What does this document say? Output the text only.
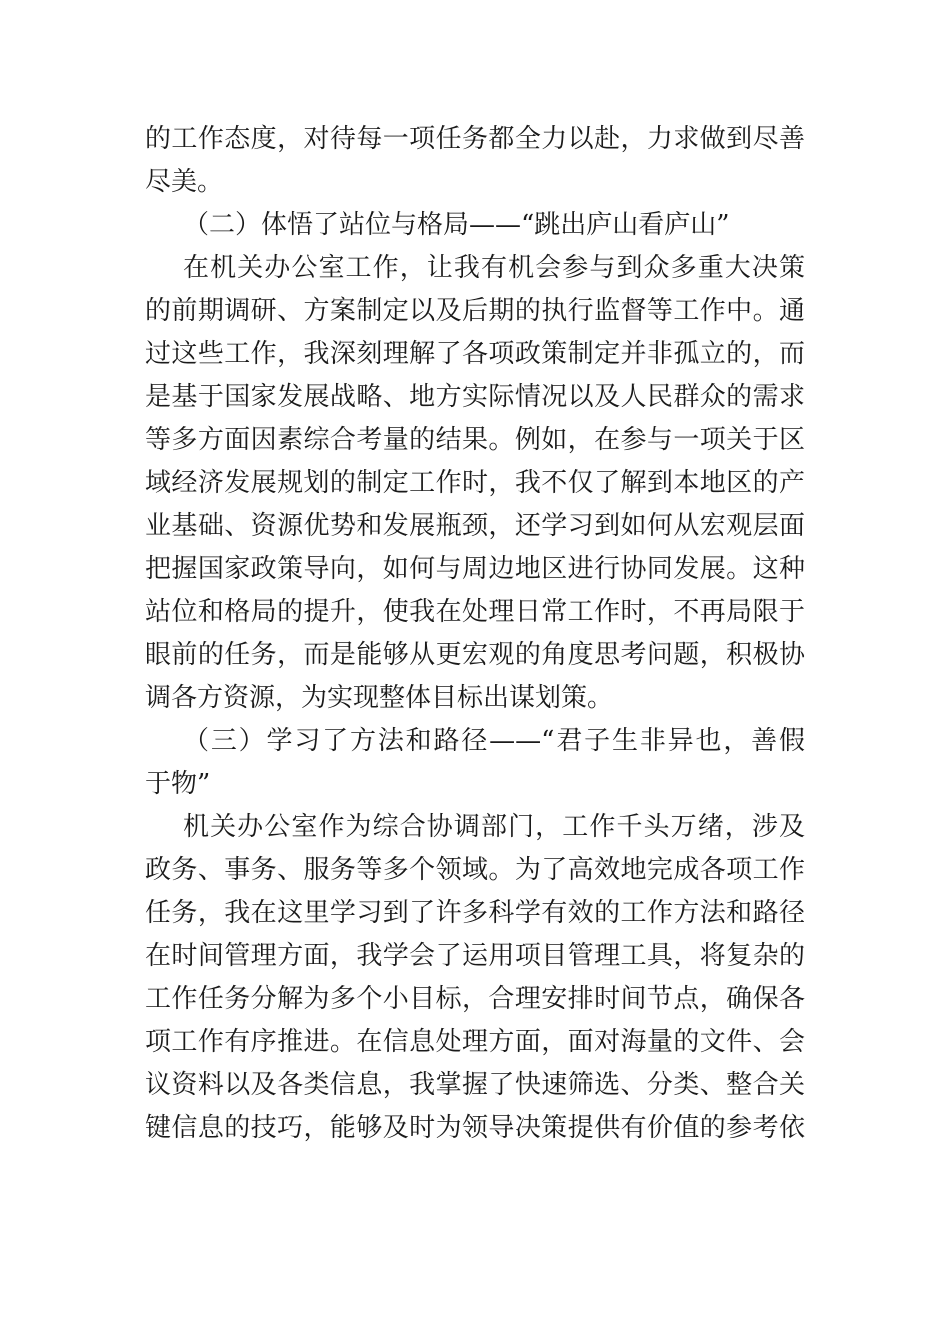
的工作态度，对待每一项任务都全力以赴，力求做到尽善
尽美。
（二）体悟了站位与格局——“跳出庐山看庐山”
在机关办公室工作，让我有机会参与到众多重大决策
的前期调研、方案制定以及后期的执行监督等工作中。通
过这些工作，我深刻理解了各项政策制定并非孤立的，而
是基于国家发展战略、地方实际情况以及人民群众的需求
等多方面因素综合考量的结果。例如，在参与一项关于区
域经济发展规划的制定工作时，我不仅了解到本地区的产
业基础、资源优势和发展瓶颈，还学习到如何从宏观层面
把握国家政策导向，如何与周边地区进行协同发展。这种
站位和格局的提升，使我在处理日常工作时，不再局限于
眼前的任务，而是能够从更宏观的角度思考问题，积极协
调各方资源，为实现整体目标出谋划策。
（三）学习了方法和路径——“君子生非异也，善假
于物”
机关办公室作为综合协调部门，工作千头万绪，涉及
政务、事务、服务等多个领域。为了高效地完成各项工作
任务，我在这里学习到了许多科学有效的工作方法和路径
在时间管理方面，我学会了运用项目管理工具，将复杂的
工作任务分解为多个小目标，合理安排时间节点，确保各
项工作有序推进。在信息处理方面，面对海量的文件、会
议资料以及各类信息，我掌握了快速筛选、分类、整合关
键信息的技巧，能够及时为领导决策提供有价值的参考依
